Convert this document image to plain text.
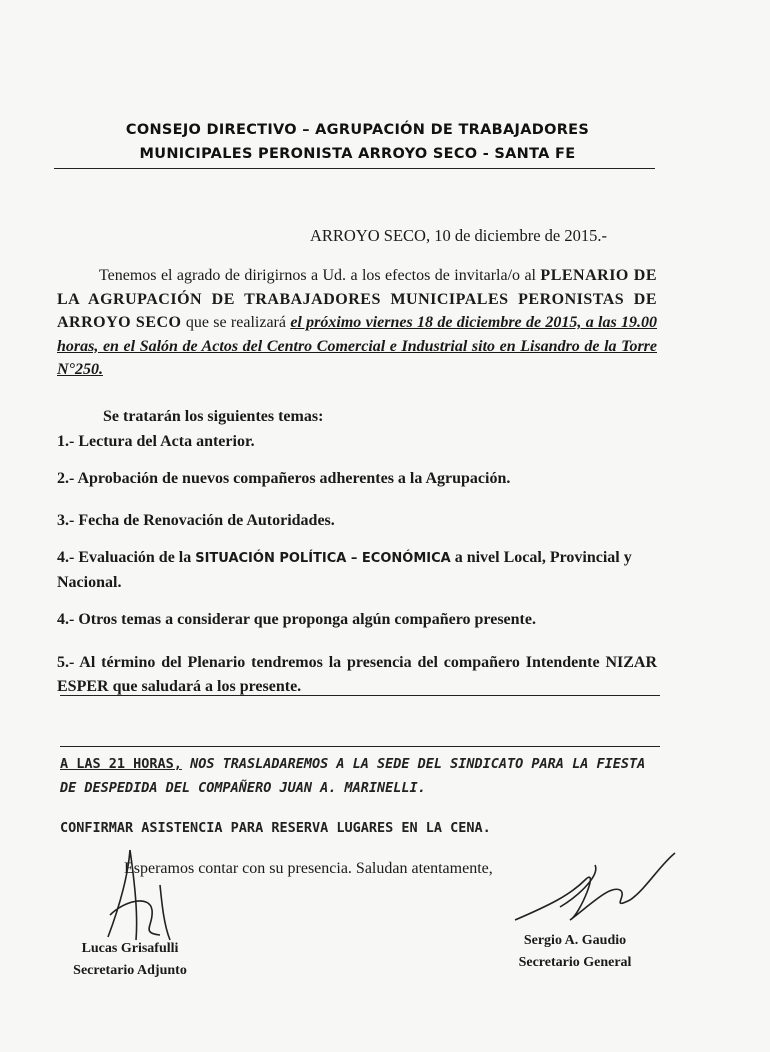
CONSEJO DIRECTIVO – AGRUPACIÓN DE TRABAJADORES
MUNICIPALES PERONISTA ARROYO SECO - SANTA FE
ARROYO SECO, 10 de diciembre de 2015.-
Tenemos el agrado de dirigirnos a Ud. a los efectos de invitarla/o al PLENARIO DE LA AGRUPACIÓN DE TRABAJADORES MUNICIPALES PERONISTAS DE ARROYO SECO que se realizará el próximo viernes 18 de diciembre de 2015, a las 19.00 horas, en el Salón de Actos del Centro Comercial e Industrial sito en Lisandro de la Torre N°250.
Se tratarán los siguientes temas:
1.- Lectura del Acta anterior.
2.- Aprobación de nuevos compañeros adherentes a la Agrupación.
3.- Fecha de Renovación de Autoridades.
4.- Evaluación de la SITUACIÓN POLÍTICA – ECONÓMICA a nivel Local, Provincial y Nacional.
4.- Otros temas a considerar que proponga algún compañero presente.
5.- Al término del Plenario tendremos la presencia del compañero Intendente NIZAR ESPER que saludará a los presente.
A LAS 21 HORAS, NOS TRASLADAREMOS A LA SEDE DEL SINDICATO PARA LA FIESTA DE DESPEDIDA DEL COMPAÑERO JUAN A. MARINELLI.
CONFIRMAR ASISTENCIA PARA RESERVA LUGARES EN LA CENA.
Esperamos contar con su presencia. Saludan atentamente,
Lucas Grisafulli
Secretario Adjunto
Sergio A. Gaudio
Secretario General
